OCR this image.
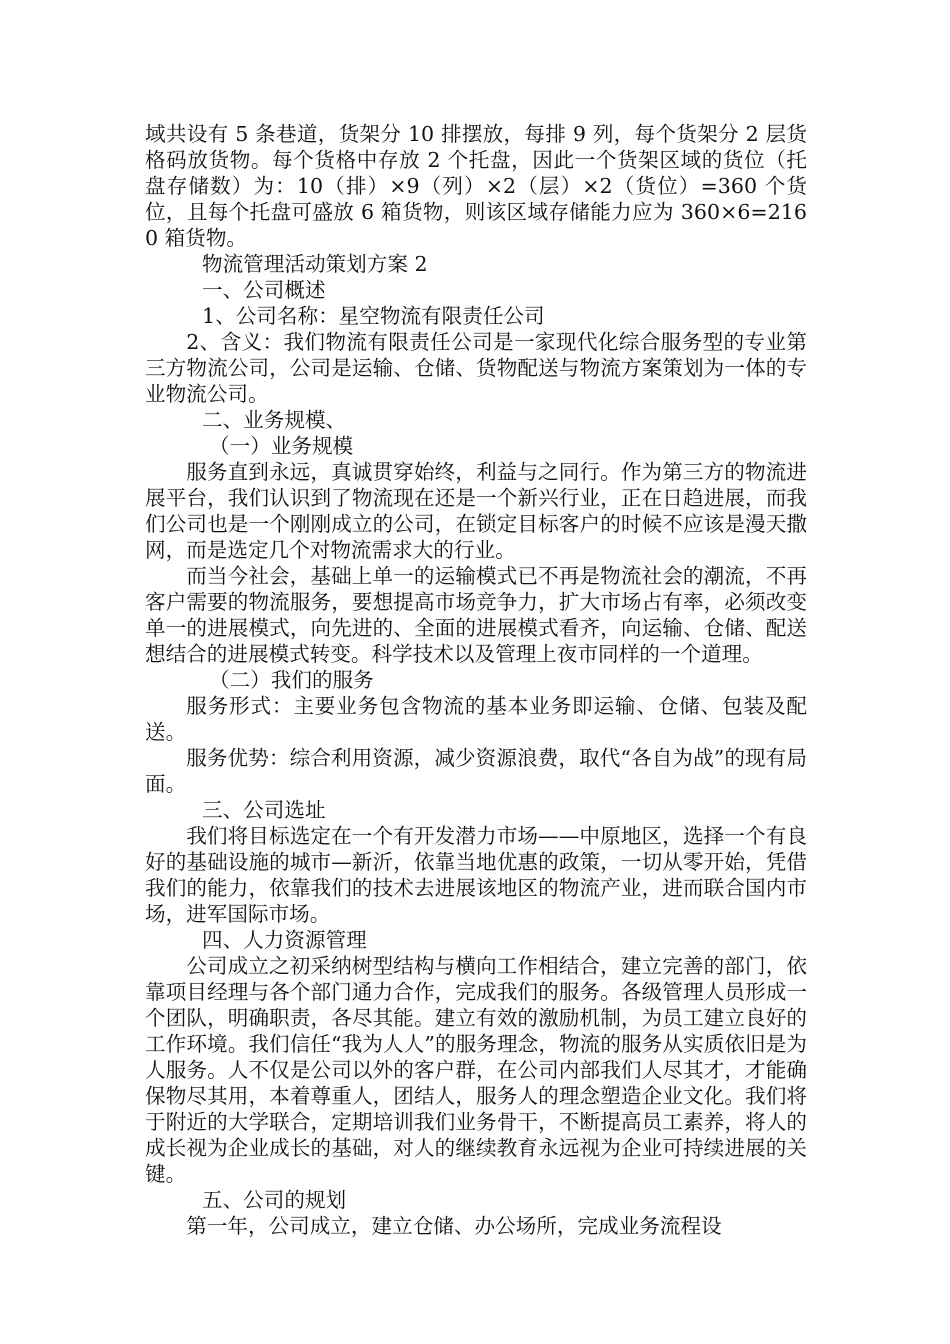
域共设有 5 条巷道，货架分 10 排摆放，每排 9 列，每个货架分 2 层货格码放货物。每个货格中存放 2 个托盘，因此一个货架区域的货位（托盘存储数）为：10（排）×9（列）×2（层）×2（货位）=360 个货位，且每个托盘可盛放 6 箱货物，则该区域存储能力应为 360×6=2160 箱货物。

物流管理活动策划方案 2

一、公司概述

1、公司名称：星空物流有限责任公司

2、含义：我们物流有限责任公司是一家现代化综合服务型的专业第三方物流公司，公司是运输、仓储、货物配送与物流方案策划为一体的专业物流公司。

二、业务规模、

（一）业务规模

服务直到永远，真诚贯穿始终，利益与之同行。作为第三方的物流进展平台，我们认识到了物流现在还是一个新兴行业，正在日趋进展，而我们公司也是一个刚刚成立的公司，在锁定目标客户的时候不应该是漫天撒网，而是选定几个对物流需求大的行业。

而当今社会，基础上单一的运输模式已不再是物流社会的潮流，不再客户需要的物流服务，要想提高市场竞争力，扩大市场占有率，必须改变单一的进展模式，向先进的、全面的进展模式看齐，向运输、仓储、配送想结合的进展模式转变。科学技术以及管理上夜市同样的一个道理。

（二）我们的服务

服务形式：主要业务包含物流的基本业务即运输、仓储、包装及配送。

服务优势：综合利用资源，减少资源浪费，取代“各自为战”的现有局面。

三、公司选址

我们将目标选定在一个有开发潜力市场——中原地区，选择一个有良好的基础设施的城市—新沂，依靠当地优惠的政策，一切从零开始，凭借我们的能力，依靠我们的技术去进展该地区的物流产业，进而联合国内市场，进军国际市场。

四、人力资源管理

公司成立之初采纳树型结构与横向工作相结合，建立完善的部门，依靠项目经理与各个部门通力合作，完成我们的服务。各级管理人员形成一个团队，明确职责，各尽其能。建立有效的激励机制，为员工建立良好的工作环境。我们信任“我为人人”的服务理念，物流的服务从实质依旧是为人服务。人不仅是公司以外的客户群，在公司内部我们人尽其才，才能确保物尽其用，本着尊重人，团结人，服务人的理念塑造企业文化。我们将于附近的大学联合，定期培训我们业务骨干，不断提高员工素养，将人的成长视为企业成长的基础，对人的继续教育永远视为企业可持续进展的关键。

五、公司的规划

第一年，公司成立，建立仓储、办公场所，完成业务流程设
